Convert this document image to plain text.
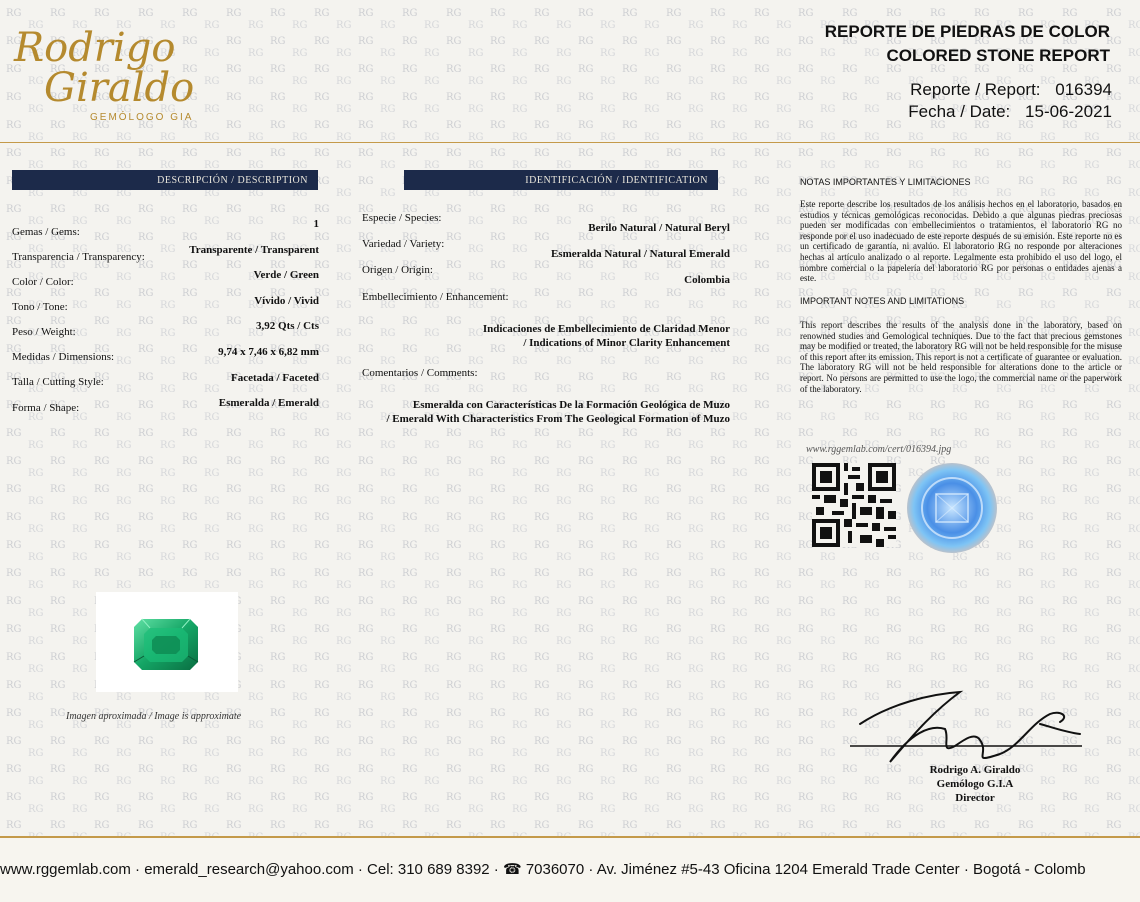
Rodrigo
Giraldo
GEMÓLOGO GIA
REPORTE DE PIEDRAS DE COLOR
COLORED STONE REPORT
Reporte / Report: 016394
Fecha / Date: 15-06-2021
DESCRIPCIÓN / DESCRIPTION
Gemas / Gems:
1
Transparencia / Transparency:
Transparente / Transparent
Color / Color:
Verde / Green
Tono / Tone:	Vívido / Vivid
Peso / Weight:	3,92 Qts / Cts
Medidas / Dimensions:	9,74 x 7,46 x 6,82 mm
Talla / Cutting Style:	Facetada / Faceted
Forma / Shape:	Esmeralda / Emerald
IDENTIFICACIÓN / IDENTIFICATION
Especie / Species:
Berilo Natural / Natural Beryl
Variedad / Variety:
Esmeralda Natural / Natural Emerald
Origen / Origin:
Colombia
Embellecimiento / Enhancement:
Indicaciones de Embellecimiento de Claridad Menor
/ Indications of Minor Clarity Enhancement
Comentarios / Comments:
Esmeralda con Características De la Formación Geológica de Muzo
/ Emerald With Characteristics From The Geological Formation of Muzo
NOTAS IMPORTANTES Y LIMITACIONES
Este reporte describe los resultados de los análisis hechos en el laboratorio, basados en estudios y técnicas gemológicas reconocidas. Debido a que algunas piedras preciosas pueden ser modificadas con embellecimientos o tratamientos, el laboratorio RG no responde por el uso inadecuado de este reporte después de su emisión. Este reporte no es un certificado de garantía, ni avalúo. El laboratorio RG no responde por alteraciones hechas al artículo analizado o al reporte. Legalmente esta prohibido el uso del logo, el nombre comercial o la papelería del laboratorio RG por personas o entidades ajenas a este.
IMPORTANT NOTES AND LIMITATIONS
This report describes the results of the analysis done in the laboratory, based on renowned studies and Gemological techniques. Due to the fact that precious gemstones may be modified or treated, the laboratory RG will not be held responsible for the misuse of this report after its emission. This report is not a certificate of guarantee or evaluation. The laboratory RG will not be held responsible for alterations done to the article or report. No persons are permitted to use the logo, the commercial name or the paperwork of the laboratory.
www.rggemlab.com/cert/016394.jpg
Imagen aproximada / Image is approximate
Rodrigo A. Giraldo
Gemólogo G.I.A
Director
www.rggemlab.com · emerald_research@yahoo.com · Cel: 310 689 8392 · ☎ 7036070 · Av. Jiménez #5-43 Oficina 1204 Emerald Trade Center · Bogotá - Colomb
